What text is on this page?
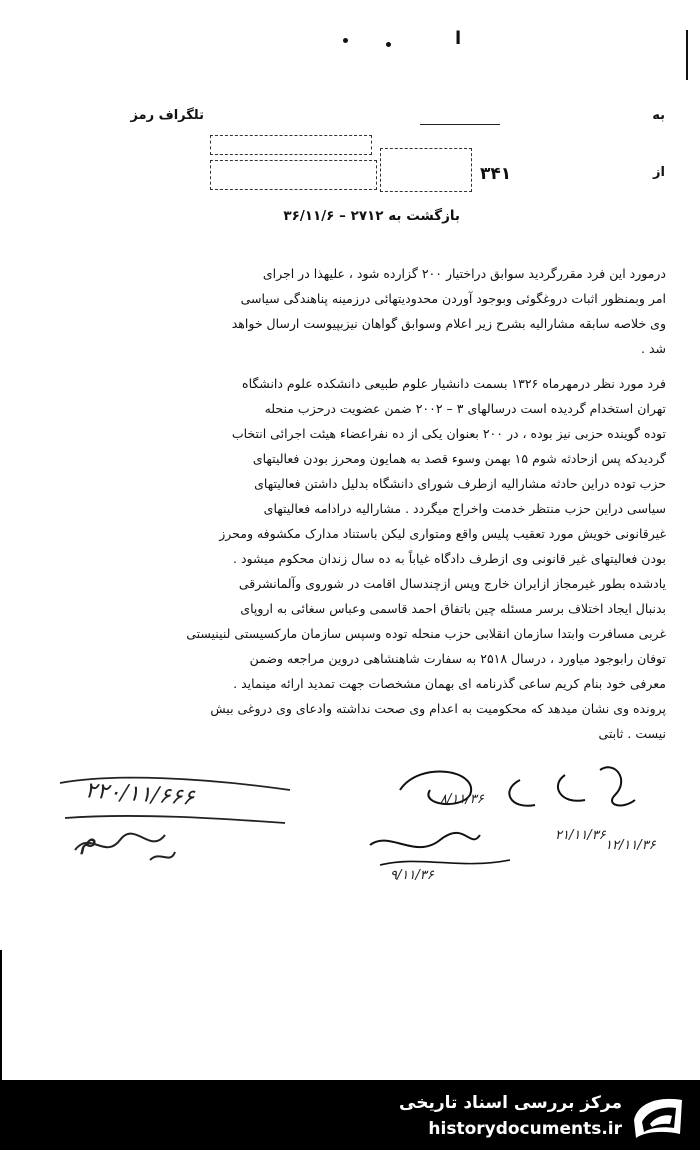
ا
به
تلگراف رمز
از
۳۴۱
بازگشت به ۲۷۱۲ – ۳۶/۱۱/۶
درمورد این فرد مقررگردید سوابق دراختیار ۲۰۰ گزارده شود ، علیهذا در اجرای
امر وبمنظور اثبات دروغگوئی وبوجود آوردن محدودیتهائی درزمینه پناهندگی سیاسی
وی خلاصه سابقه مشارالیه بشرح زیر اعلام وسوابق گواهان نیزبپیوست ارسال خواهد
شد .
فرد مورد نظر درمهرماه ۱۳۲۶ بسمت دانشیار علوم طبیعی دانشکده علوم دانشگاه
تهران استخدام گردیده است درسالهای ۳ – ۲۰۰۲ ضمن عضویت درحزب منحله
توده گوینده حزبی نیز بوده ، در ۲۰۰ بعنوان یکی از ده نفراعضاء هیئت اجرائی انتخاب
گردیدکه پس ازحادثه شوم ۱۵ بهمن وسوء قصد به همایون ومحرز بودن فعالیتهای
حزب توده دراین حادثه مشارالیه ازطرف شورای دانشگاه بدلیل داشتن فعالیتهای
سیاسی دراین حزب منتظر خدمت واخراج میگردد . مشارالیه درادامه فعالیتهای
غیرقانونی خویش مورد تعقیب پلیس واقع ومتواری لیکن باستناد مدارک مکشوفه ومحرز
بودن فعالیتهای غیر قانونی وی ازطرف دادگاه غیاباً به ده سال زندان محکوم میشود .
یادشده بطور غیرمجاز ازایران خارج وپس ازچندسال اقامت در شوروی وآلمانشرقی
بدنبال ایجاد اختلاف برسر مسئله چین باتفاق احمد قاسمی وعباس سغائی به اروپای
غربی مسافرت وابتدا سازمان انقلابی حزب منحله توده وسپس سازمان مارکسیستی لنینیستی
توفان رابوجود میاورد ، درسال ۲۵۱۸ به سفارت شاهنشاهی دروین مراجعه وضمن
معرفی خود بنام کریم ساعی گذرنامه ای بهمان مشخصات جهت تمدید ارائه مینماید .
پرونده وی نشان میدهد که محکومیت به اعدام وی صحت نداشته وادعای وی دروغی بیش
نیست . ثابتی
۲۲۰/۱۱/۶۶۶
م
۸/۱۱/۳۶
۲۱/۱۱/۳۶
۹/۱۱/۳۶
۱۲/۱۱/۳۶
مرکز بررسی اسناد تاریخی
historydocuments.ir
